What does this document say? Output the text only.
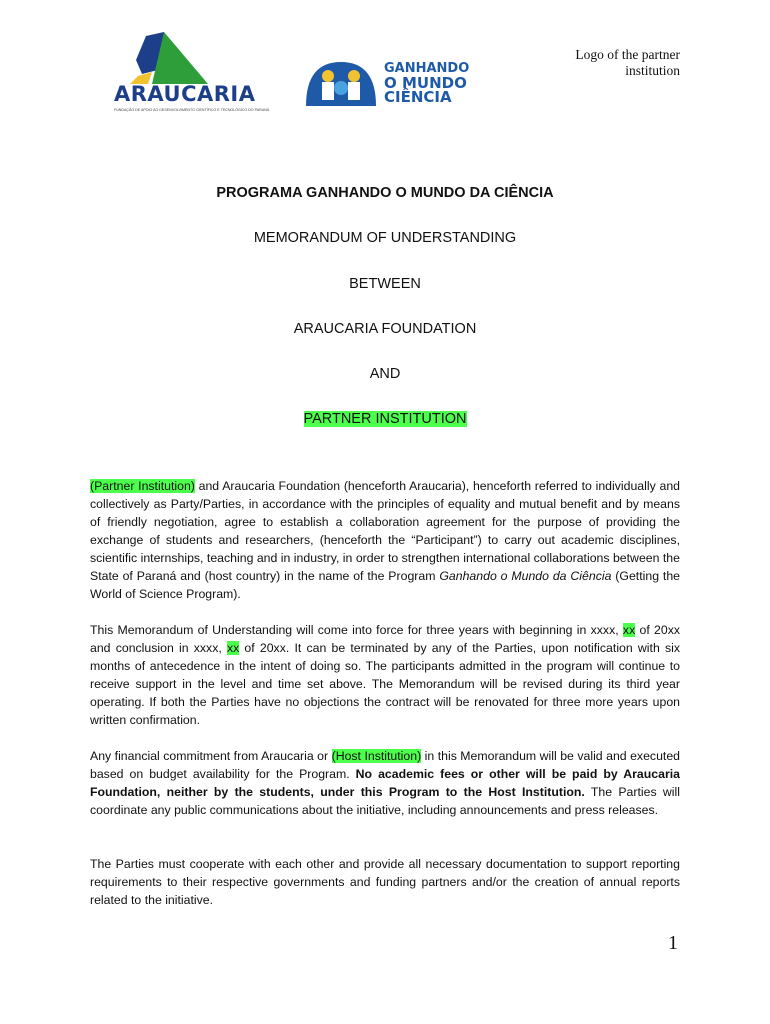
ARAUCARIA
FUNDAÇÃO DE APOIO AO DESENVOLVIMENTO CIENTÍFICO E TECNOLÓGICO DO PARANÁ
GANHANDO
O MUNDO
CIÊNCIA
Logo of the partner institution
PROGRAMA GANHANDO O MUNDO DA CIÊNCIA
MEMORANDUM OF UNDERSTANDING
BETWEEN
ARAUCARIA FOUNDATION
AND
PARTNER INSTITUTION
(Partner Institution) and Araucaria Foundation (henceforth Araucaria), henceforth referred to individually and collectively as Party/Parties, in accordance with the principles of equality and mutual benefit and by means of friendly negotiation, agree to establish a collaboration agreement for the purpose of providing the exchange of students and researchers, (henceforth the “Participant”) to carry out academic disciplines, scientific internships, teaching and in industry, in order to strengthen international collaborations between the State of Paraná and (host country) in the name of the Program Ganhando o Mundo da Ciência (Getting the World of Science Program).
This Memorandum of Understanding will come into force for three years with beginning in xxxx, xx of 20xx and conclusion in xxxx, xx of 20xx. It can be terminated by any of the Parties, upon notification with six months of antecedence in the intent of doing so. The participants admitted in the program will continue to receive support in the level and time set above. The Memorandum will be revised during its third year operating. If both the Parties have no objections the contract will be renovated for three more years upon written confirmation.
Any financial commitment from Araucaria or (Host Institution) in this Memorandum will be valid and executed based on budget availability for the Program. No academic fees or other will be paid by Araucaria Foundation, neither by the students, under this Program to the Host Institution. The Parties will coordinate any public communications about the initiative, including announcements and press releases.
The Parties must cooperate with each other and provide all necessary documentation to support reporting requirements to their respective governments and funding partners and/or the creation of annual reports related to the initiative.
1
